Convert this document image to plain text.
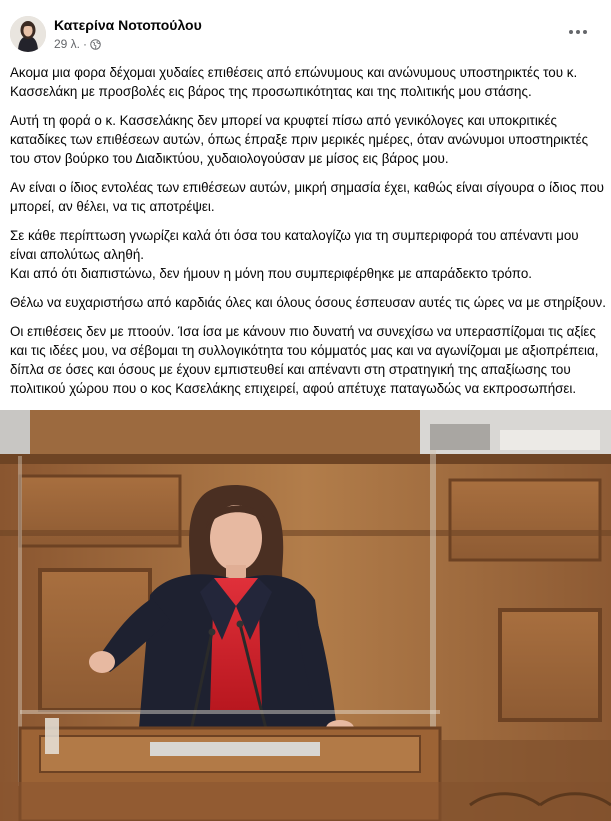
Κατερίνα Νοτοπούλου
29 λ. ·

Ακομα μια φορα δέχομαι χυδαίες επιθέσεις από επώνυμους και ανώνυμους υποστηρικτές του κ. Κασσελάκη με προσβολές εις βάρος της προσωπικότητας και της πολιτικής μου στάσης.

Αυτή τη φορά ο κ. Κασσελάκης δεν μπορεί να κρυφτεί πίσω από γενικόλογες και υποκριτικές καταδίκες των επιθέσεων αυτών, όπως έπραξε πριν μερικές ημέρες, όταν ανώνυμοι υποστηρικτές του στον βούρκο του Διαδικτύου, χυδαιολογούσαν με μίσος εις βάρος μου.

Αν είναι ο ίδιος εντολέας των επιθέσεων αυτών, μικρή σημασία έχει, καθώς είναι σίγουρα ο ίδιος που μπορεί, αν θέλει, να τις αποτρέψει.

Σε κάθε περίπτωση γνωρίζει καλά ότι όσα του καταλογίζω για τη συμπεριφορά του απέναντι μου είναι απολύτως αληθή.

Και από ότι διαπιστώνω, δεν ήμουν η μόνη που συμπεριφέρθηκε με απαράδεκτο τρόπο.

Θέλω να ευχαριστήσω από καρδιάς όλες και όλους όσους έσπευσαν αυτές τις ώρες να με στηρίξουν.

Οι επιθέσεις δεν με πτοούν. Ίσα ίσα με κάνουν πιο δυνατή να συνεχίσω να υπερασπίζομαι τις αξίες και τις ιδέες μου, να σέβομαι τη συλλογικότητα του κόμματός μας και να αγωνίζομαι με αξιοπρέπεια, δίπλα σε όσες και όσους με έχουν εμπιστευθεί και απέναντι στη στρατηγική της απαξίωσης του πολιτικού χώρου που ο κος Κασελάκης επιχειρεί, αφού απέτυχε παταγωδώς να εκπροσωπήσει.
